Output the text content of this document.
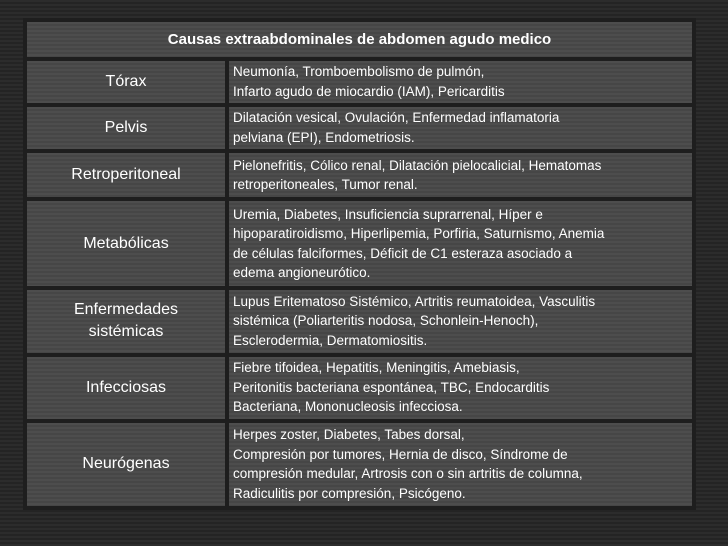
Causas extraabdominales de abdomen agudo medico	
Tórax	Neumonía, Tromboembolismo de pulmón,
Infarto agudo de miocardio (IAM), Pericarditis
Pelvis	Dilatación vesical, Ovulación, Enfermedad inflamatoria
pelviana (EPI), Endometriosis.
Retroperitoneal	Pielonefritis, Cólico renal, Dilatación pielocalicial, Hematomas
retroperitoneales, Tumor renal.
Metabólicas	Uremia, Diabetes, Insuficiencia suprarrenal, Híper e
hipoparatiroidismo, Hiperlipemia, Porfiria, Saturnismo, Anemia
de células falciformes, Déficit de C1 esteraza asociado a
edema angioneurótico.
Enfermedades
sistémicas	Lupus Eritematoso Sistémico, Artritis reumatoidea, Vasculitis
sistémica (Poliarteritis nodosa, Schonlein-Henoch),
Esclerodermia, Dermatomiositis.
Infecciosas	Fiebre tifoidea, Hepatitis, Meningitis, Amebiasis,
Peritonitis bacteriana espontánea, TBC, Endocarditis
Bacteriana, Mononucleosis infecciosa.
Neurógenas	Herpes zoster, Diabetes, Tabes dorsal,
Compresión por tumores, Hernia de disco, Síndrome de
compresión medular, Artrosis con o sin artritis de columna,
Radiculitis por compresión, Psicógeno.
